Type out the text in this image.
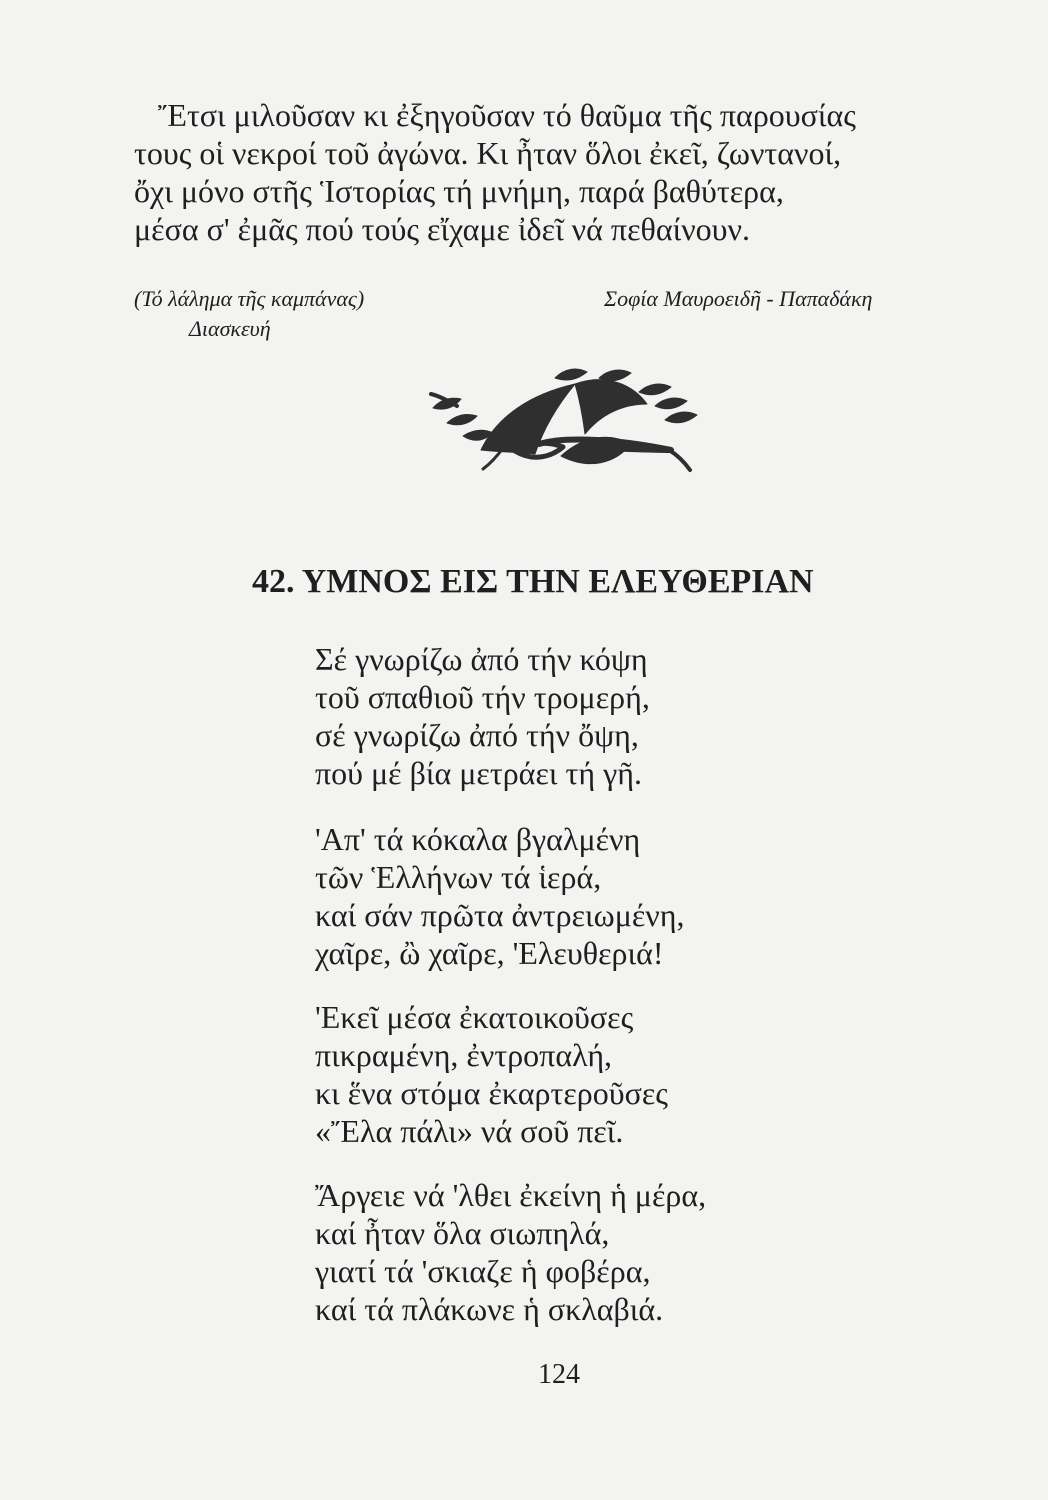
Ἔτσι μιλοῦσαν κι ἐξηγοῦσαν τό θαῦμα τῆς παρουσίας
τους οἱ νεκροί τοῦ ἀγώνα. Κι ἦταν ὅλοι ἐκεῖ, ζωντανοί,
ὄχι μόνο στῆς Ἱστορίας τή μνήμη, παρά βαθύτερα,
μέσα σ' ἐμᾶς πού τούς εἴχαμε ἰδεῖ νά πεθαίνουν.
(Τό λάλημα τῆς καμπάνας)
Διασκευή
Σοφία Μαυροειδῆ - Παπαδάκη
42. ΥΜΝΟΣ ΕΙΣ ΤΗΝ ΕΛΕΥΘΕΡΙΑΝ
Σέ γνωρίζω ἀπό τήν κόψη
τοῦ σπαθιοῦ τήν τρομερή,
σέ γνωρίζω ἀπό τήν ὄψη,
πού μέ βία μετράει τή γῆ.
'Απ' τά κόκαλα βγαλμένη
τῶν Ἑλλήνων τά ἱερά,
καί σάν πρῶτα ἀντρειωμένη,
χαῖρε, ὢ χαῖρε, 'Ελευθεριά!
'Εκεῖ μέσα ἐκατοικοῦσες
πικραμένη, ἐντροπαλή,
κι ἕνα στόμα ἐκαρτεροῦσες
«Ἔλα πάλι» νά σοῦ πεῖ.
Ἄργειε νά 'λθει ἐκείνη ἡ μέρα,
καί ἦταν ὅλα σιωπηλά,
γιατί τά 'σκιαζε ἡ φοβέρα,
καί τά πλάκωνε ἡ σκλαβιά.
124
